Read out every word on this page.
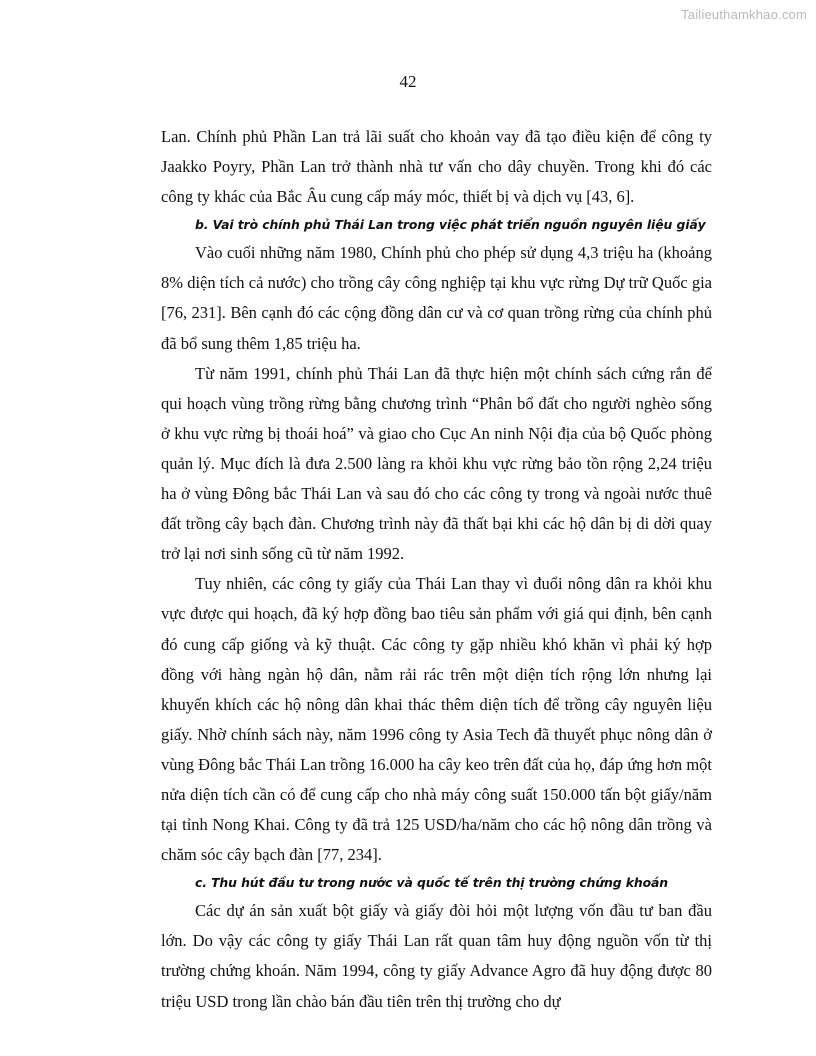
Tailieuthamkhao.com
42

Lan. Chính phủ Phần Lan trả lãi suất cho khoản vay đã tạo điều kiện để công ty Jaakko Poyry, Phần Lan trở thành nhà tư vấn cho dây chuyền. Trong khi đó các công ty khác của Bắc Âu cung cấp máy móc, thiết bị và dịch vụ [43, 6].

b. Vai trò chính phủ Thái Lan trong việc phát triển nguồn nguyên liệu giấy

Vào cuối những năm 1980, Chính phủ cho phép sử dụng 4,3 triệu ha (khoảng 8% diện tích cả nước) cho trồng cây công nghiệp tại khu vực rừng Dự trữ Quốc gia [76, 231]. Bên cạnh đó các cộng đồng dân cư và cơ quan trồng rừng của chính phủ đã bổ sung thêm 1,85 triệu ha.

Từ năm 1991, chính phủ Thái Lan đã thực hiện một chính sách cứng rắn để qui hoạch vùng trồng rừng bằng chương trình “Phân bổ đất cho người nghèo sống ở khu vực rừng bị thoái hoá” và giao cho Cục An ninh Nội địa của bộ Quốc phòng quản lý. Mục đích là đưa 2.500 làng ra khỏi khu vực rừng bảo tồn rộng 2,24 triệu ha ở vùng Đông bắc Thái Lan và sau đó cho các công ty trong và ngoài nước thuê đất trồng cây bạch đàn. Chương trình này đã thất bại khi các hộ dân bị di dời quay trở lại nơi sinh sống cũ từ năm 1992.

Tuy nhiên, các công ty giấy của Thái Lan thay vì đuổi nông dân ra khỏi khu vực được qui hoạch, đã ký hợp đồng bao tiêu sản phẩm với giá qui định, bên cạnh đó cung cấp giống và kỹ thuật. Các công ty gặp nhiều khó khăn vì phải ký hợp đồng với hàng ngàn hộ dân, nằm rải rác trên một diện tích rộng lớn nhưng lại khuyến khích các hộ nông dân khai thác thêm diện tích để trồng cây nguyên liệu giấy. Nhờ chính sách này, năm 1996 công ty Asia Tech đã thuyết phục nông dân ở vùng Đông bắc Thái Lan trồng 16.000 ha cây keo trên đất của họ, đáp ứng hơn một nửa diện tích cần có để cung cấp cho nhà máy công suất 150.000 tấn bột giấy/năm tại tỉnh Nong Khai. Công ty đã trả 125 USD/ha/năm cho các hộ nông dân trồng và chăm sóc cây bạch đàn [77, 234].

c. Thu hút đầu tư trong nước và quốc tế trên thị trường chứng khoán

Các dự án sản xuất bột giấy và giấy đòi hỏi một lượng vốn đầu tư ban đầu lớn. Do vậy các công ty giấy Thái Lan rất quan tâm huy động nguồn vốn từ thị trường chứng khoán. Năm 1994, công ty giấy Advance Agro đã huy động được 80 triệu USD trong lần chào bán đầu tiên trên thị trường cho dự
